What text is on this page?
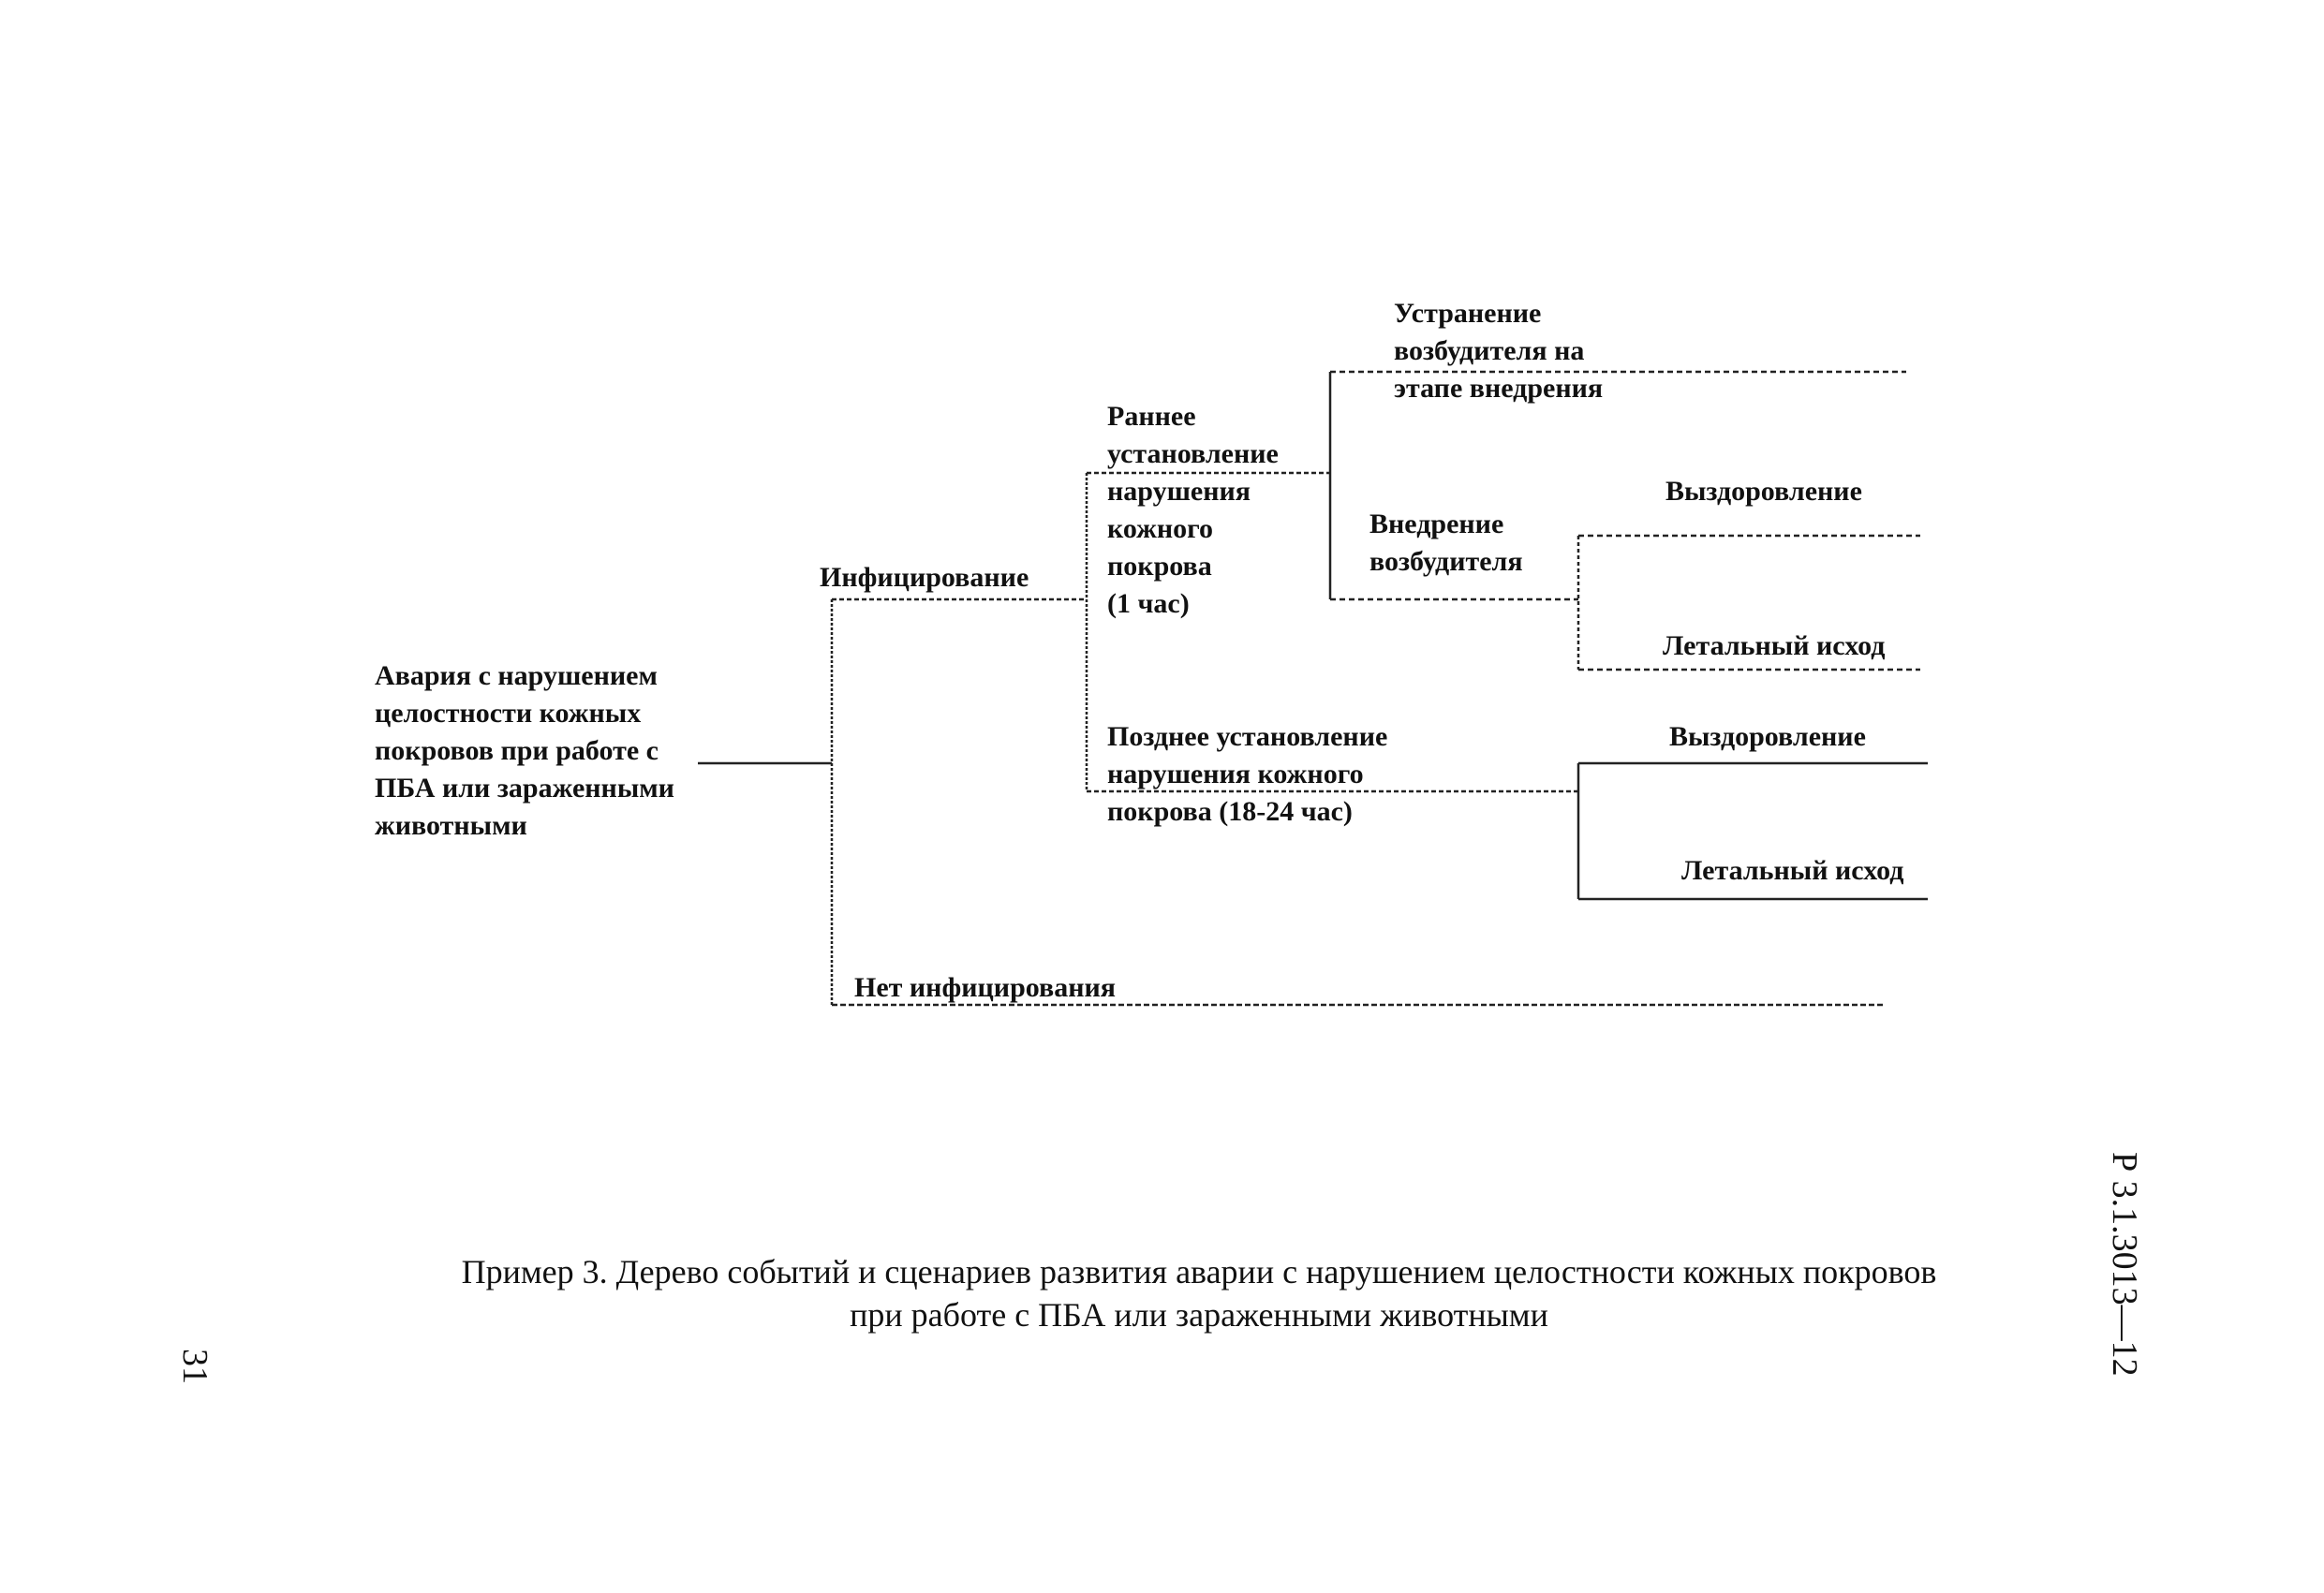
Авария с нарушением
целостности кожных
покровов при работе с
ПБА или зараженными
животными
Инфицирование
Нет инфицирования
Раннее
установление
нарушения
кожного
покрова
(1 час)
Позднее установление
нарушения кожного
покрова (18-24 час)
Устранение
возбудителя на
этапе внедрения
Внедрение
возбудителя
Выздоровление
Летальный исход
Выздоровление
Летальный исход
Пример 3. Дерево событий и сценариев развития аварии с нарушением целостности кожных покровов
при работе с ПБА или зараженными животными
31	Р 3.1.3013—12
